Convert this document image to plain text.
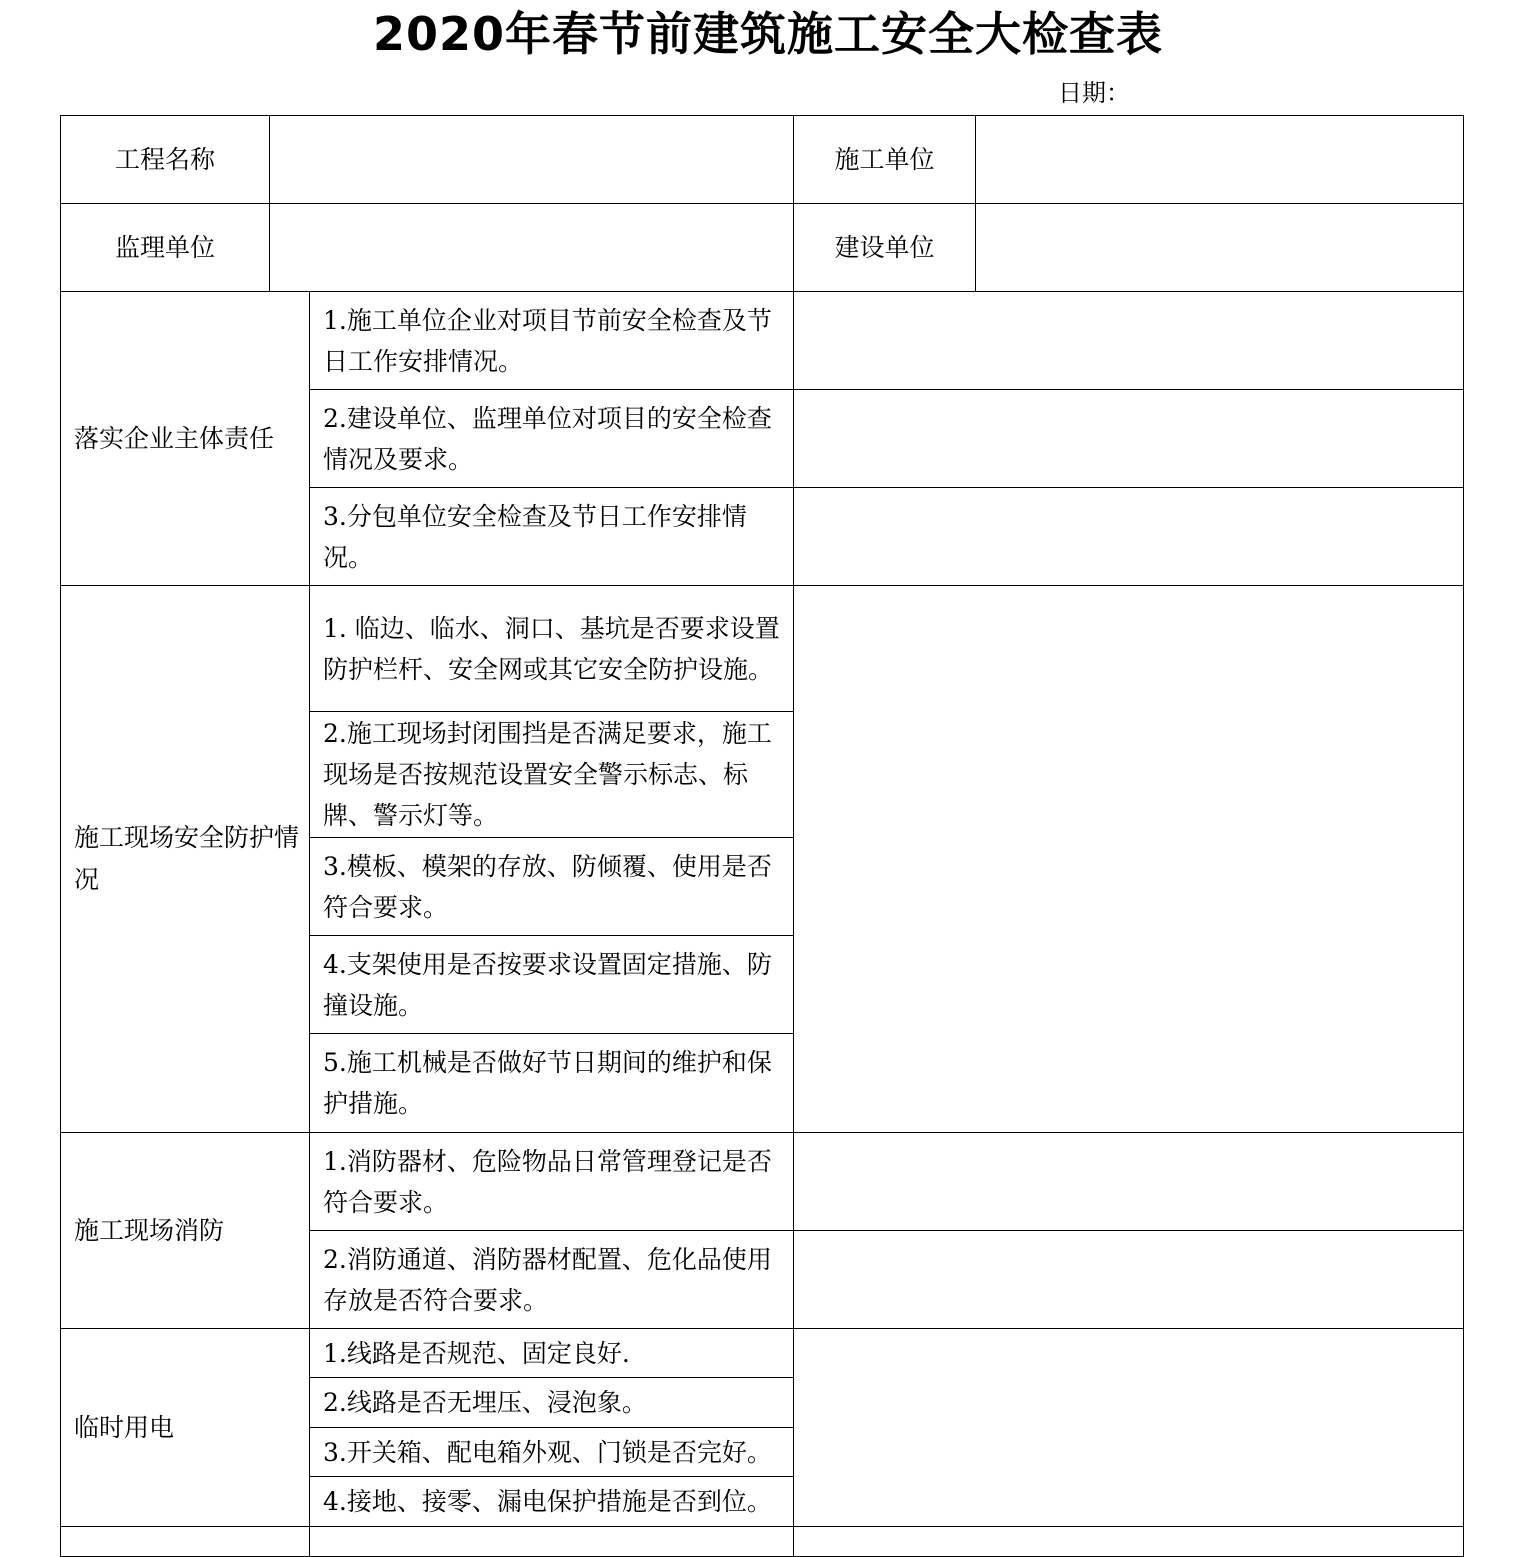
2020年春节前建筑施工安全大检查表
日期：
工程名称			施工单位	
监理单位			建设单位	
落实企业主体责任		1.施工单位企业对项目节前安全检查及节日工作安排情况。		
		2.建设单位、监理单位对项目的安全检查情况及要求。		
		3.分包单位安全检查及节日工作安排情况。		
施工现场安全防护情况		1. 临边、临水、洞口、基坑是否要求设置防护栏杆、安全网或其它安全防护设施。		
		2.施工现场封闭围挡是否满足要求，施工现场是否按规范设置安全警示标志、标牌、警示灯等。		
		3.模板、模架的存放、防倾覆、使用是否符合要求。		
		4.支架使用是否按要求设置固定措施、防撞设施。		
		5.施工机械是否做好节日期间的维护和保护措施。		
施工现场消防		1.消防器材、危险物品日常管理登记是否符合要求。		
		2.消防通道、消防器材配置、危化品使用存放是否符合要求。		
临时用电		1.线路是否规范、固定良好.		
		2.线路是否无埋压、浸泡象。		
		3.开关箱、配电箱外观、门锁是否完好。		
		4.接地、接零、漏电保护措施是否到位。		
